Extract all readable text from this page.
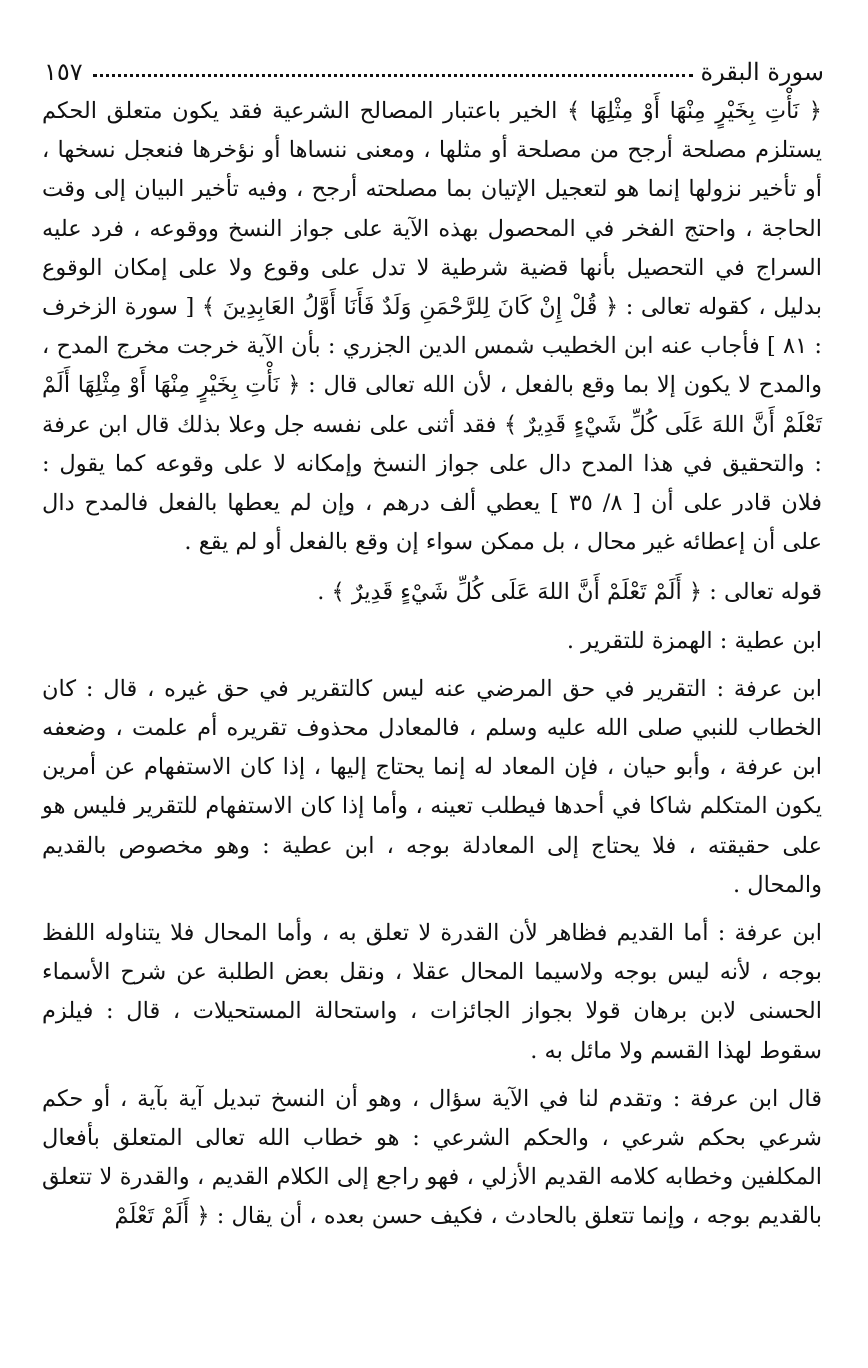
سورة البقرة
١٥٧

﴿ نَأْتِ بِخَيْرٍ مِنْهَا أَوْ مِثْلِهَا ﴾ الخير باعتبار المصالح الشرعية فقد يكون متعلق الحكم يستلزم مصلحة أرجح من مصلحة أو مثلها ، ومعنى ننساها أو نؤخرها فنعجل نسخها ، أو تأخير نزولها إنما هو لتعجيل الإتيان بما مصلحته أرجح ، وفيه تأخير البيان إلى وقت الحاجة ، واحتج الفخر في المحصول بهذه الآية على جواز النسخ ووقوعه ، فرد عليه السراج في التحصيل بأنها قضية شرطية لا تدل على وقوع ولا على إمكان الوقوع بدليل ، كقوله تعالى : ﴿ قُلْ إِنْ كَانَ لِلرَّحْمَنِ وَلَدٌ فَأَنَا أَوَّلُ العَابِدِينَ ﴾ [ سورة الزخرف : ٨١ ] فأجاب عنه ابن الخطيب شمس الدين الجزري : بأن الآية خرجت مخرج المدح ، والمدح لا يكون إلا بما وقع بالفعل ، لأن الله تعالى قال : ﴿ نَأْتِ بِخَيْرٍ مِنْهَا أَوْ مِثْلِهَا أَلَمْ تَعْلَمْ أَنَّ اللهَ عَلَى كُلِّ شَيْءٍ قَدِيرٌ ﴾ فقد أثنى على نفسه جل وعلا بذلك قال ابن عرفة : والتحقيق في هذا المدح دال على جواز النسخ وإمكانه لا على وقوعه كما يقول : فلان قادر على أن [ ٨/ ٣٥ ] يعطي ألف درهم ، وإن لم يعطها بالفعل فالمدح دال على أن إعطائه غير محال ، بل ممكن سواء إن وقع بالفعل أو لم يقع .

قوله تعالى : ﴿ أَلَمْ تَعْلَمْ أَنَّ اللهَ عَلَى كُلِّ شَيْءٍ قَدِيرٌ ﴾ .

ابن عطية : الهمزة للتقرير .

ابن عرفة : التقرير في حق المرضي عنه ليس كالتقرير في حق غيره ، قال : كان الخطاب للنبي صلى الله عليه وسلم ، فالمعادل محذوف تقريره أم علمت ، وضعفه ابن عرفة ، وأبو حيان ، فإن المعاد له إنما يحتاج إليها ، إذا كان الاستفهام عن أمرين يكون المتكلم شاكا في أحدها فيطلب تعينه ، وأما إذا كان الاستفهام للتقرير فليس هو على حقيقته ، فلا يحتاج إلى المعادلة بوجه ، ابن عطية : وهو مخصوص بالقديم والمحال .

ابن عرفة : أما القديم فظاهر لأن القدرة لا تعلق به ، وأما المحال فلا يتناوله اللفظ بوجه ، لأنه ليس بوجه ولاسيما المحال عقلا ، ونقل بعض الطلبة عن شرح الأسماء الحسنى لابن برهان قولا بجواز الجائزات ، واستحالة المستحيلات ، قال : فيلزم سقوط لهذا القسم ولا مائل به .

قال ابن عرفة : وتقدم لنا في الآية سؤال ، وهو أن النسخ تبديل آية بآية ، أو حكم شرعي بحكم شرعي ، والحكم الشرعي : هو خطاب الله تعالى المتعلق بأفعال المكلفين وخطابه كلامه القديم الأزلي ، فهو راجع إلى الكلام القديم ، والقدرة لا تتعلق بالقديم بوجه ، وإنما تتعلق بالحادث ، فكيف حسن بعده ، أن يقال : ﴿ أَلَمْ تَعْلَمْ
